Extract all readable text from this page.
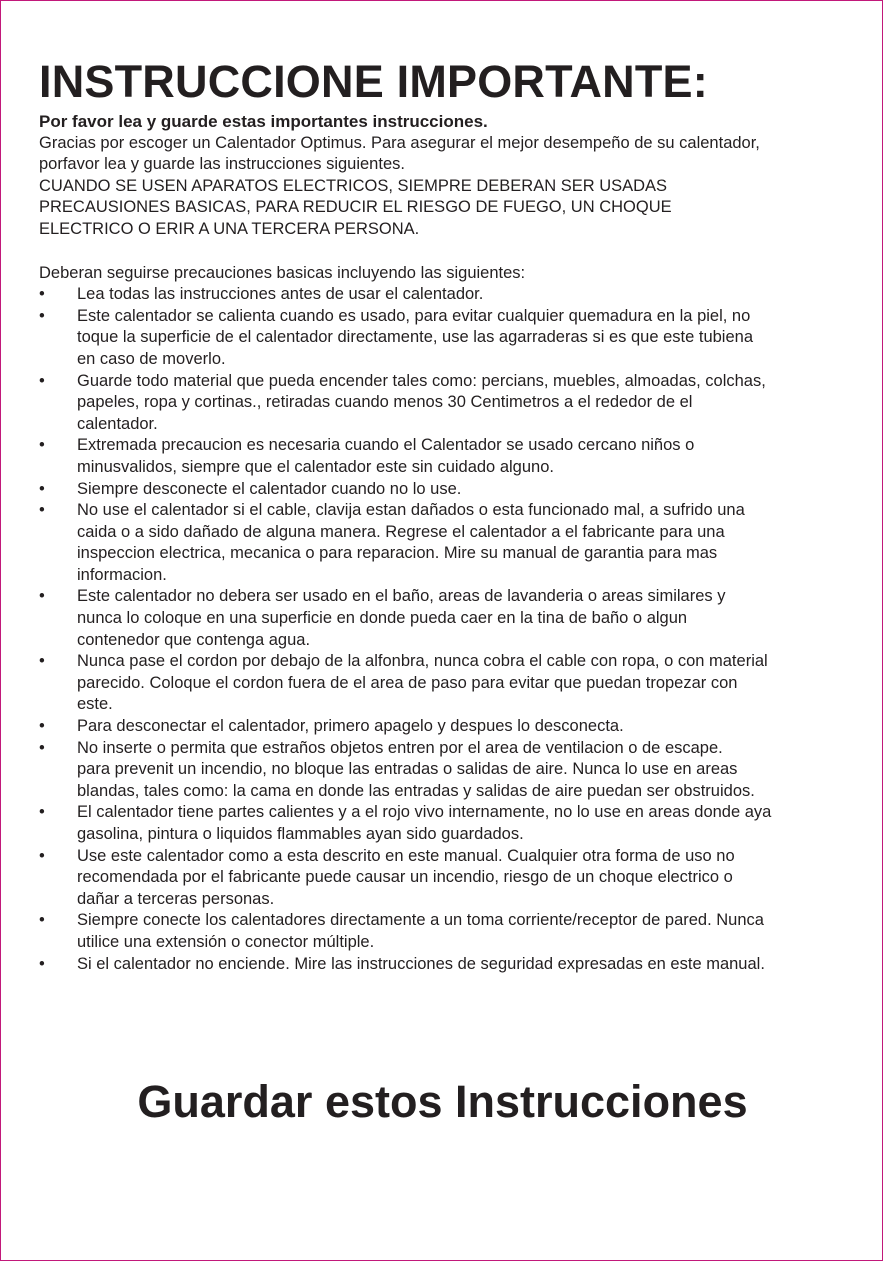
INSTRUCCIONE IMPORTANTE:
Por favor lea y guarde estas importantes instrucciones.
Gracias por escoger un Calentador Optimus. Para asegurar el mejor desempeño de su calentador,
porfavor lea y guarde las instrucciones siguientes.
CUANDO SE USEN APARATOS ELECTRICOS, SIEMPRE DEBERAN SER USADAS
PRECAUSIONES BASICAS, PARA REDUCIR EL RIESGO DE FUEGO, UN CHOQUE
ELECTRICO O ERIR A UNA TERCERA PERSONA.
Deberan seguirse precauciones basicas incluyendo las siguientes:
• Lea todas las instrucciones antes de usar el calentador.
• Este calentador se calienta cuando es usado, para evitar cualquier quemadura en la piel, no
toque la superficie de el calentador directamente, use las agarraderas si es que este tubiena
en caso de moverlo.
• Guarde todo material que pueda encender tales como: percians, muebles, almoadas, colchas,
papeles, ropa y cortinas., retiradas cuando menos 30 Centimetros a el rededor de el
calentador.
• Extremada precaucion es necesaria cuando el Calentador se usado cercano niños o
minusvalidos, siempre que el calentador este sin cuidado alguno.
• Siempre desconecte el calentador cuando no lo use.
• No use el calentador si el cable, clavija estan dañados o esta funcionado mal, a sufrido una
caida o a sido dañado de alguna manera. Regrese el calentador a el fabricante para una
inspeccion electrica, mecanica o para reparacion. Mire su manual de garantia para mas
informacion.
• Este calentador no debera ser usado en el baño, areas de lavanderia o areas similares y
nunca lo coloque en una superficie en donde pueda caer en la tina de baño o algun
contenedor que contenga agua.
• Nunca pase el cordon por debajo de la alfonbra, nunca cobra el cable con ropa, o con material
parecido. Coloque el cordon fuera de el area de paso para evitar que puedan tropezar con
este.
• Para desconectar el calentador, primero apagelo y despues lo desconecta.
• No inserte o permita que estraños objetos entren por el area de ventilacion o de escape.
para prevenit un incendio, no bloque las entradas o salidas de aire. Nunca lo use en areas
blandas, tales como: la cama en donde las entradas y salidas de aire puedan ser obstruidos.
• El calentador tiene partes calientes y a el rojo vivo internamente, no lo use en areas donde aya
gasolina, pintura o liquidos flammables ayan sido guardados.
• Use este calentador como a esta descrito en este manual. Cualquier otra forma de uso no
recomendada por el fabricante puede causar un incendio, riesgo de un choque electrico o
dañar a terceras personas.
• Siempre conecte los calentadores directamente a un toma corriente/receptor de pared. Nunca
utilice una extensión o conector múltiple.
• Si el calentador no enciende. Mire las instrucciones de seguridad expresadas en este manual.
Guardar estos Instrucciones
